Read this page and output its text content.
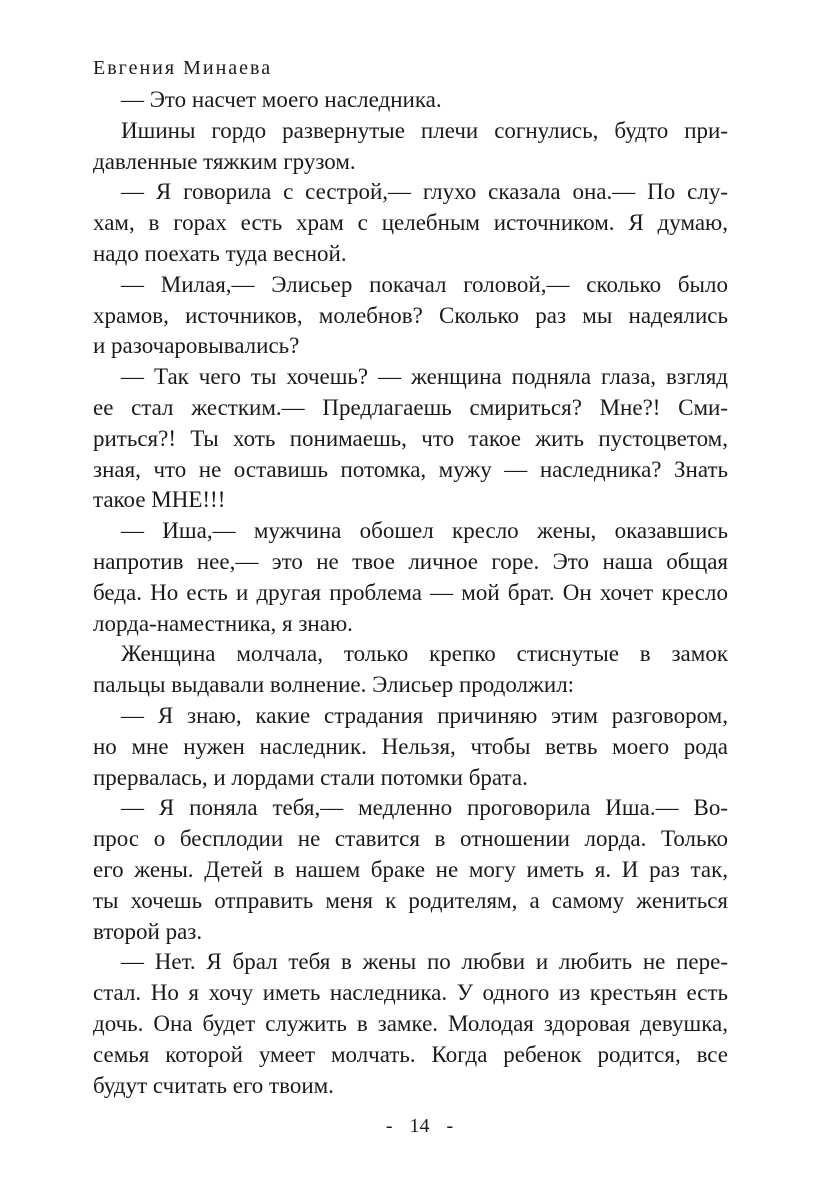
Евгения Минаева
— Это насчет моего наследника.
Ишины гордо развернутые плечи согнулись, будто при-
давленные тяжким грузом.
— Я говорила с сестрой,— глухо сказала она.— По слу-
хам, в горах есть храм с целебным источником. Я думаю,
надо поехать туда весной.
— Милая,— Элисьер покачал головой,— сколько было
храмов, источников, молебнов? Сколько раз мы надеялись
и разочаровывались?
— Так чего ты хочешь? — женщина подняла глаза, взгляд
ее стал жестким.— Предлагаешь смириться? Мне?! Сми-
риться?! Ты хоть понимаешь, что такое жить пустоцветом,
зная, что не оставишь потомка, мужу — наследника? Знать
такое МНЕ!!!
— Иша,— мужчина обошел кресло жены, оказавшись
напротив нее,— это не твое личное горе. Это наша общая
беда. Но есть и другая проблема — мой брат. Он хочет кресло
лорда-наместника, я знаю.
Женщина молчала, только крепко стиснутые в замок
пальцы выдавали волнение. Элисьер продолжил:
— Я знаю, какие страдания причиняю этим разговором,
но мне нужен наследник. Нельзя, чтобы ветвь моего рода
прервалась, и лордами стали потомки брата.
— Я поняла тебя,— медленно проговорила Иша.— Во-
прос о бесплодии не ставится в отношении лорда. Только
его жены. Детей в нашем браке не могу иметь я. И раз так,
ты хочешь отправить меня к родителям, а самому жениться
второй раз.
— Нет. Я брал тебя в жены по любви и любить не пере-
стал. Но я хочу иметь наследника. У одного из крестьян есть
дочь. Она будет служить в замке. Молодая здоровая девушка,
семья которой умеет молчать. Когда ребенок родится, все
будут считать его твоим.
- 14 -
